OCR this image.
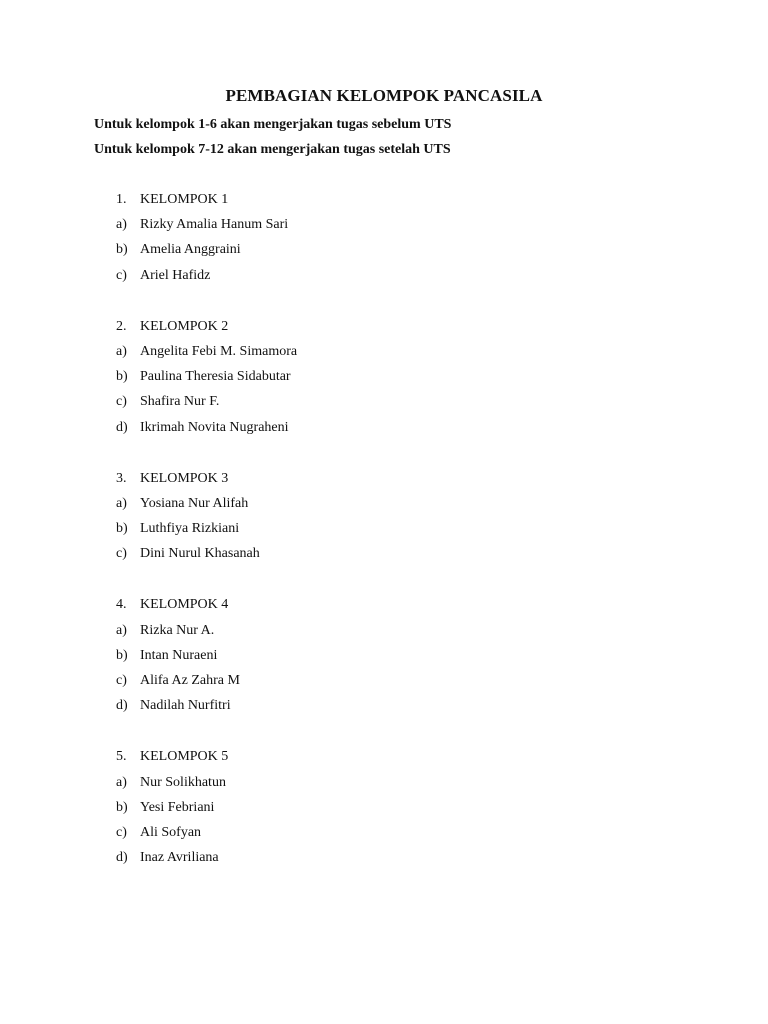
PEMBAGIAN KELOMPOK PANCASILA
Untuk kelompok 1-6 akan mengerjakan tugas sebelum UTS
Untuk kelompok 7-12 akan mengerjakan tugas setelah UTS
1. KELOMPOK 1
a) Rizky Amalia Hanum Sari
b) Amelia Anggraini
c) Ariel Hafidz
2. KELOMPOK 2
a) Angelita Febi M. Simamora
b) Paulina Theresia Sidabutar
c) Shafira Nur F.
d) Ikrimah Novita Nugraheni
3. KELOMPOK 3
a) Yosiana Nur Alifah
b) Luthfiya Rizkiani
c) Dini Nurul Khasanah
4. KELOMPOK 4
a) Rizka Nur A.
b) Intan Nuraeni
c) Alifa Az Zahra M
d) Nadilah Nurfitri
5. KELOMPOK 5
a) Nur Solikhatun
b) Yesi Febriani
c) Ali Sofyan
d) Inaz Avriliana
